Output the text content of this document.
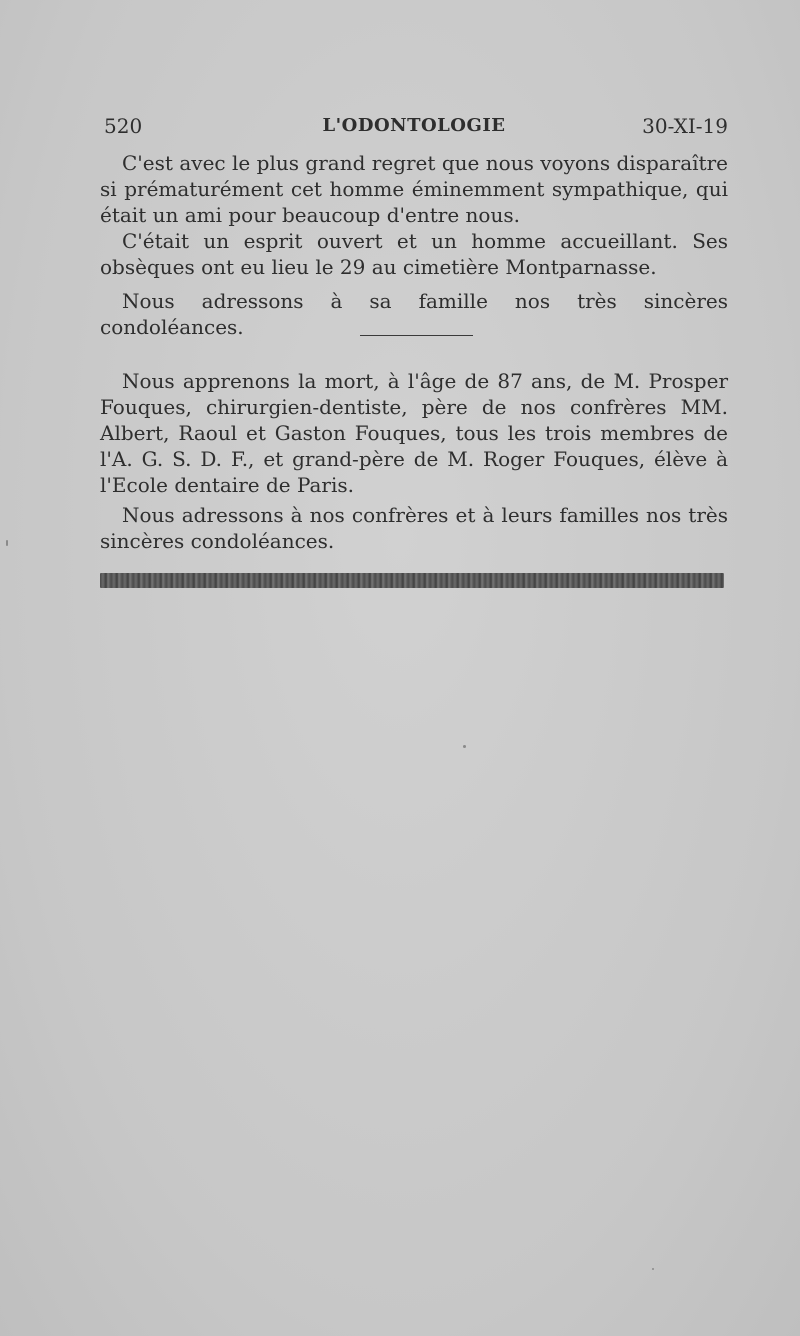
520	L'ODONTOLOGIE	30-XI-19

C'est avec le plus grand regret que nous voyons disparaître si prématurément cet homme éminemment sympathique, qui était un ami pour beaucoup d'entre nous.

C'était un esprit ouvert et un homme accueillant. Ses obsèques ont eu lieu le 29 au cimetière Montparnasse.

Nous adressons à sa famille nos très sincères condoléances.

Nous apprenons la mort, à l'âge de 87 ans, de M. Prosper Fouques, chirurgien-dentiste, père de nos confrères MM. Albert, Raoul et Gaston Fouques, tous les trois membres de l'A. G. S. D. F., et grand-père de M. Roger Fouques, élève à l'Ecole dentaire de Paris.

Nous adressons à nos confrères et à leurs familles nos très sincères condoléances.
